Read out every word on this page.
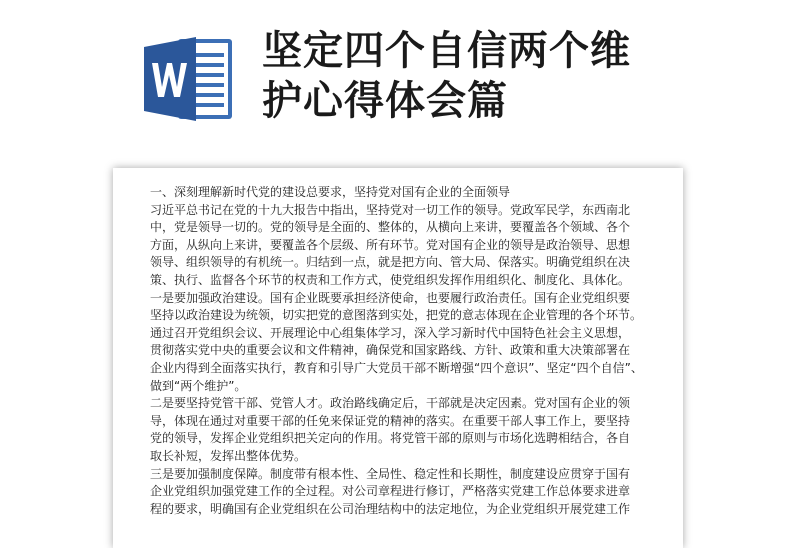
坚定四个自信两个维
护心得体会篇
一、深刻理解新时代党的建设总要求，坚持党对国有企业的全面领导
习近平总书记在党的十九大报告中指出，坚持党对一切工作的领导。党政军民学，东西南北
中，党是领导一切的。党的领导是全面的、整体的，从横向上来讲，要覆盖各个领域、各个
方面，从纵向上来讲，要覆盖各个层级、所有环节。党对国有企业的领导是政治领导、思想
领导、组织领导的有机统一。归结到一点，就是把方向、管大局、保落实。明确党组织在决
策、执行、监督各个环节的权责和工作方式，使党组织发挥作用组织化、制度化、具体化。
一是要加强政治建设。国有企业既要承担经济使命，也要履行政治责任。国有企业党组织要
坚持以政治建设为统领，切实把党的意图落到实处，把党的意志体现在企业管理的各个环节。
通过召开党组织会议、开展理论中心组集体学习，深入学习新时代中国特色社会主义思想，
贯彻落实党中央的重要会议和文件精神，确保党和国家路线、方针、政策和重大决策部署在
企业内得到全面落实执行，教育和引导广大党员干部不断增强“四个意识”、坚定“四个自信”、
做到“两个维护”。
二是要坚持党管干部、党管人才。政治路线确定后，干部就是决定因素。党对国有企业的领
导，体现在通过对重要干部的任免来保证党的精神的落实。在重要干部人事工作上，要坚持
党的领导，发挥企业党组织把关定向的作用。将党管干部的原则与市场化选聘相结合，各自
取长补短，发挥出整体优势。
三是要加强制度保障。制度带有根本性、全局性、稳定性和长期性，制度建设应贯穿于国有
企业党组织加强党建工作的全过程。对公司章程进行修订，严格落实党建工作总体要求进章
程的要求，明确国有企业党组织在公司治理结构中的法定地位，为企业党组织开展党建工作
